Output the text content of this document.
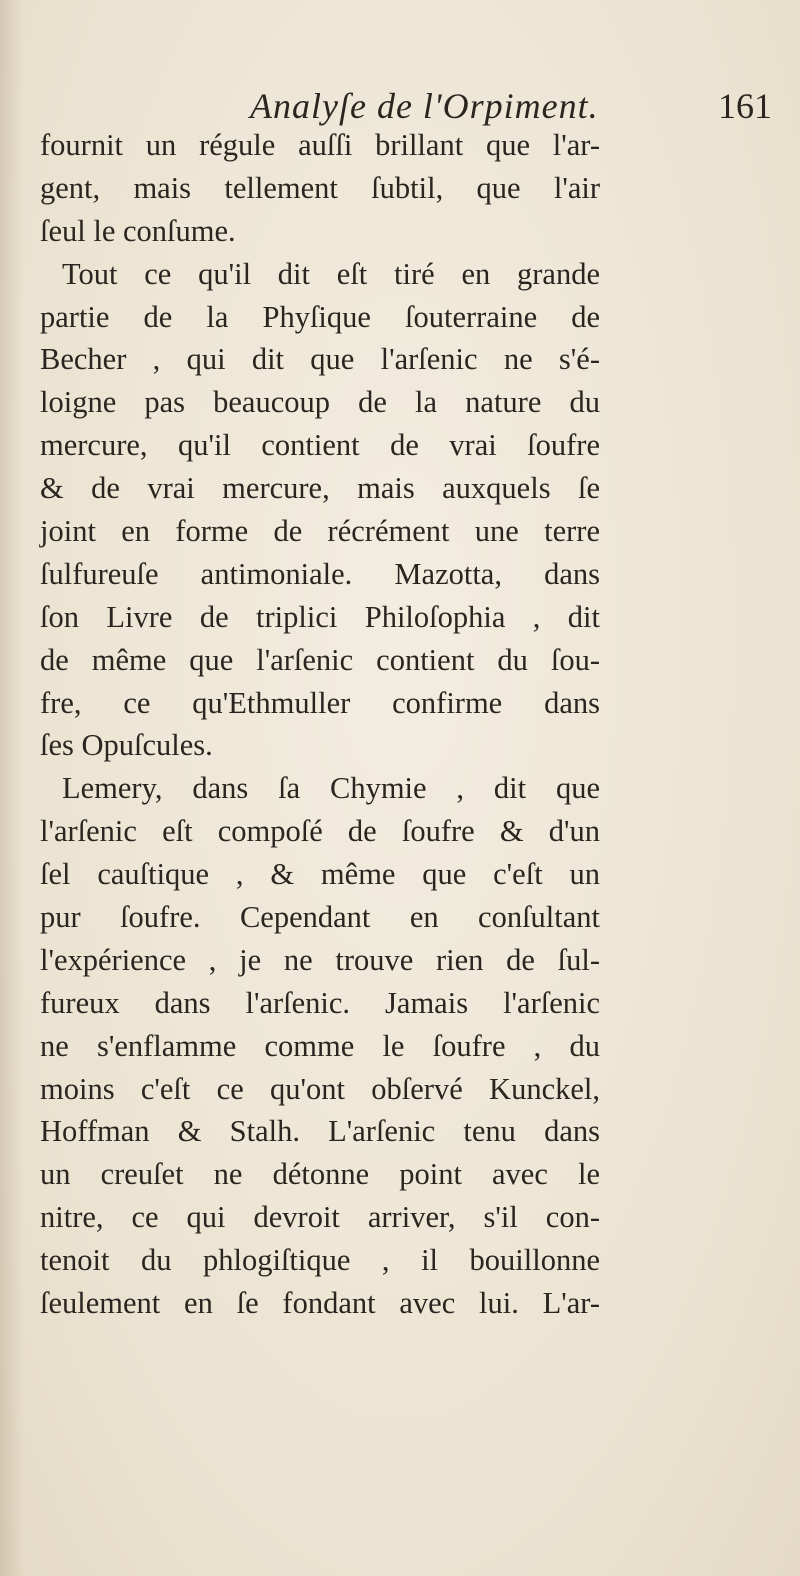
Analyſe de l'Orpiment.	161
fournit un régule auſſi brillant que l'ar-
gent, mais tellement ſubtil, que l'air
ſeul le conſume.
Tout ce qu'il dit eſt tiré en grande
partie de la Phyſique ſouterraine de
Becher , qui dit que l'arſenic ne s'é-
loigne pas beaucoup de la nature du
mercure, qu'il contient de vrai ſoufre
& de vrai mercure, mais auxquels ſe
joint en forme de récrément une terre
ſulfureuſe antimoniale. Mazotta, dans
ſon Livre de triplici Philoſophia , dit
de même que l'arſenic contient du ſou-
fre, ce qu'Ethmuller confirme dans
ſes Opuſcules.
Lemery, dans ſa Chymie , dit que
l'arſenic eſt compoſé de ſoufre & d'un
ſel cauſtique , & même que c'eſt un
pur ſoufre. Cependant en conſultant
l'expérience , je ne trouve rien de ſul-
fureux dans l'arſenic. Jamais l'arſenic
ne s'enflamme comme le ſoufre , du
moins c'eſt ce qu'ont obſervé Kunckel,
Hoffman & Stalh. L'arſenic tenu dans
un creuſet ne détonne point avec le
nitre, ce qui devroit arriver, s'il con-
tenoit du phlogiſtique , il bouillonne
ſeulement en ſe fondant avec lui. L'ar-
